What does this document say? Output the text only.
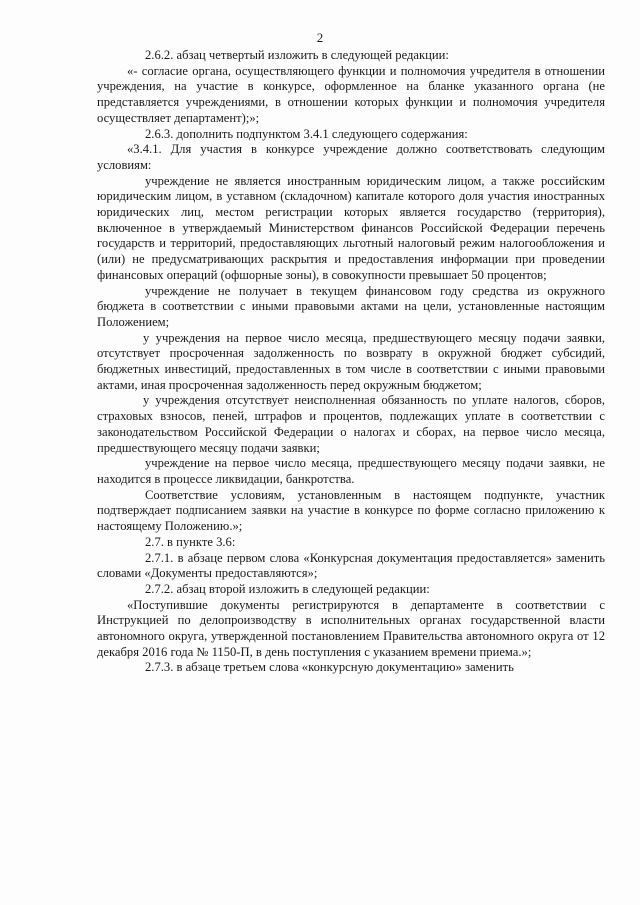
2

2.6.2. абзац четвертый изложить в следующей редакции:

«- согласие органа, осуществляющего функции и полномочия учредителя в отношении учреждения, на участие в конкурсе, оформленное на бланке указанного органа (не представляется учреждениями, в отношении которых функции и полномочия учредителя осуществляет департамент);»;

2.6.3. дополнить подпунктом 3.4.1 следующего содержания:

«3.4.1. Для участия в конкурсе учреждение должно соответствовать следующим условиям:

учреждение не является иностранным юридическим лицом, а также российским юридическим лицом, в уставном (складочном) капитале которого доля участия иностранных юридических лиц, местом регистрации которых является государство (территория), включенное в утверждаемый Министерством финансов Российской Федерации перечень государств и территорий, предоставляющих льготный налоговый режим налогообложения и (или) не предусматривающих раскрытия и предоставления информации при проведении финансовых операций (офшорные зоны), в совокупности превышает 50 процентов;

учреждение не получает в текущем финансовом году средства из окружного бюджета в соответствии с иными правовыми актами на цели, установленные настоящим Положением;

у учреждения на первое число месяца, предшествующего месяцу подачи заявки, отсутствует просроченная задолженность по возврату в окружной бюджет субсидий, бюджетных инвестиций, предоставленных в том числе в соответствии с иными правовыми актами, иная просроченная задолженность перед окружным бюджетом;

у учреждения отсутствует неисполненная обязанность по уплате налогов, сборов, страховых взносов, пеней, штрафов и процентов, подлежащих уплате в соответствии с законодательством Российской Федерации о налогах и сборах, на первое число месяца, предшествующего месяцу подачи заявки;

учреждение на первое число месяца, предшествующего месяцу подачи заявки, не находится в процессе ликвидации, банкротства.

Соответствие условиям, установленным в настоящем подпункте, участник подтверждает подписанием заявки на участие в конкурсе по форме согласно приложению к настоящему Положению.»;

2.7. в пункте 3.6:

2.7.1. в абзаце первом слова «Конкурсная документация предоставляется» заменить словами «Документы предоставляются»;

2.7.2. абзац второй изложить в следующей редакции:

«Поступившие документы регистрируются в департаменте в соответствии с Инструкцией по делопроизводству в исполнительных органах государственной власти автономного округа, утвержденной постановлением Правительства автономного округа от 12 декабря 2016 года № 1150-П, в день поступления с указанием времени приема.»;

2.7.3. в абзаце третьем слова «конкурсную документацию» заменить
